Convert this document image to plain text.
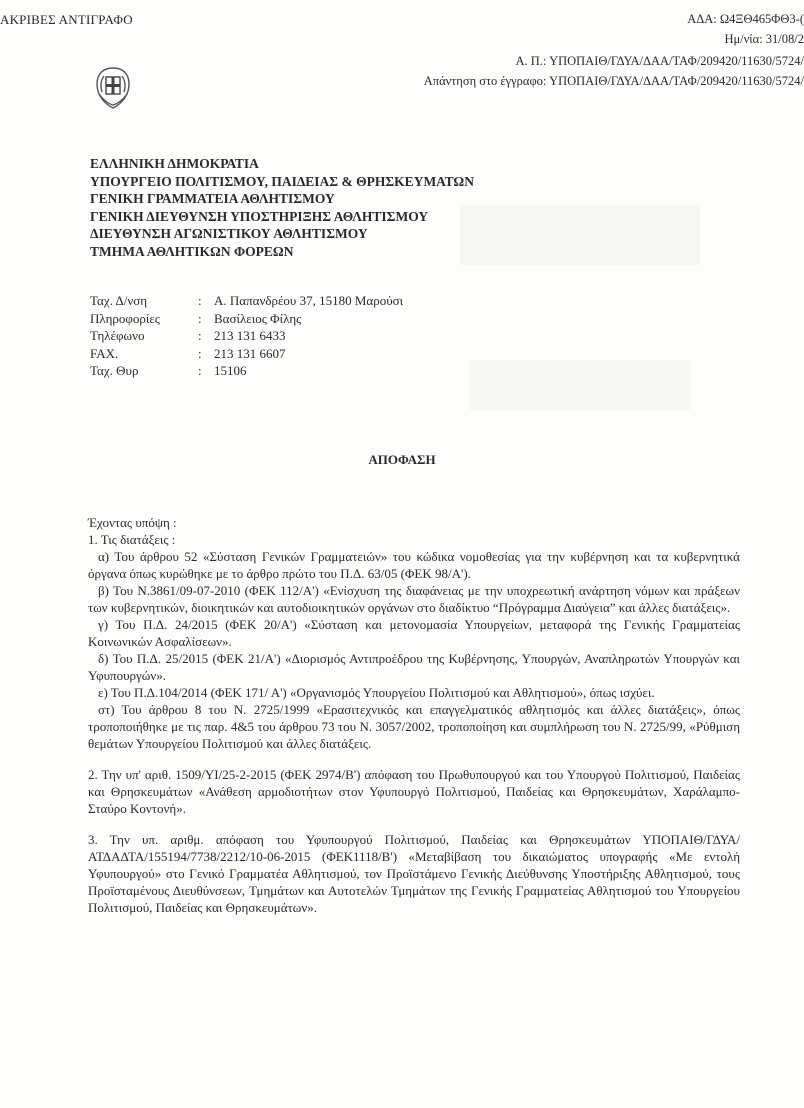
ΑΚΡΙΒΕΣ ΑΝΤΙΓΡΑΦΟ	ΑΔΑ: Ω4ΞΘ465ΦΘ3-(
Ημ/νία: 31/08/2
Α. Π.: ΥΠΟΠΑΙΘ/ΓΔΥΑ/ΔΑΑ/ΤΑΦ/209420/11630/5724/
Απάντηση στο έγγραφο: ΥΠΟΠΑΙΘ/ΓΔΥΑ/ΔΑΑ/ΤΑΦ/209420/11630/5724/
ΕΛΛΗΝΙΚΗ ΔΗΜΟΚΡΑΤΙΑ
ΥΠΟΥΡΓΕΙΟ ΠΟΛΙΤΙΣΜΟΥ, ΠΑΙΔΕΙΑΣ & ΘΡΗΣΚΕΥΜΑΤΩΝ
ΓΕΝΙΚΗ ΓΡΑΜΜΑΤΕΙΑ ΑΘΛΗΤΙΣΜΟΥ
ΓΕΝΙΚΗ ΔΙΕΥΘΥΝΣΗ ΥΠΟΣΤΗΡΙΞΗΣ ΑΘΛΗΤΙΣΜΟΥ
ΔΙΕΥΘΥΝΣΗ ΑΓΩΝΙΣΤΙΚΟΥ ΑΘΛΗΤΙΣΜΟΥ
ΤΜΗΜΑ ΑΘΛΗΤΙΚΩΝ ΦΟΡΕΩΝ
Ταχ. Δ/νση	: Α. Παπανδρέου 37, 15180 Μαρούσι
Πληροφορίες	: Βασίλειος Φίλης
Τηλέφωνο	: 213 131 6433
FAX.	: 213 131 6607
Ταχ. Θυρ	: 15106
ΑΠΟΦΑΣΗ

Έχοντας υπόψη :

1. Τις διατάξεις :

α) Του άρθρου 52 «Σύσταση Γενικών Γραμματειών» του κώδικα νομοθεσίας για την κυβέρνηση και τα κυβερνητικά όργανα όπως κυρώθηκε με το άρθρο πρώτο του Π.Δ. 63/05 (ΦΕΚ 98/Α').

β) Του Ν.3861/09-07-2010 (ΦΕΚ 112/Α') «Ενίσχυση της διαφάνειας με την υποχρεωτική ανάρτηση νόμων και πράξεων των κυβερνητικών, διοικητικών και αυτοδιοικητικών οργάνων στο διαδίκτυο “Πρόγραμμα Διαύγεια” και άλλες διατάξεις».

γ) Του Π.Δ. 24/2015 (ΦΕΚ 20/Α') «Σύσταση και μετονομασία Υπουργείων, μεταφορά της Γενικής Γραμματείας Κοινωνικών Ασφαλίσεων».

δ) Του Π.Δ. 25/2015 (ΦΕΚ 21/Α') «Διορισμός Αντιπροέδρου της Κυβέρνησης, Υπουργών, Αναπληρωτών Υπουργών και Υφυπουργών».

ε) Του Π.Δ.104/2014 (ΦΕΚ 171/ Α') «Οργανισμός Υπουργείου Πολιτισμού και Αθλητισμού», όπως ισχύει.

στ) Του άρθρου 8 του Ν. 2725/1999 «Ερασιτεχνικός και επαγγελματικός αθλητισμός και άλλες διατάξεις», όπως τροποποιήθηκε με τις παρ. 4&5 του άρθρου 73 του Ν. 3057/2002, τροποποίηση και συμπλήρωση του Ν. 2725/99, «Ρύθμιση θεμάτων Υπουργείου Πολιτισμού και άλλες διατάξεις.

2. Την υπ' αριθ. 1509/ΥΙ/25-2-2015 (ΦΕΚ 2974/Β') απόφαση του Πρωθυπουργού και του Υπουργού Πολιτισμού, Παιδείας και Θρησκευμάτων «Ανάθεση αρμοδιοτήτων στον Υφυπουργό Πολιτισμού, Παιδείας και Θρησκευμάτων, Χαράλαμπο-Σταύρο Κοντονή».

3. Την υπ. αριθμ. απόφαση του Υφυπουργού Πολιτισμού, Παιδείας και Θρησκευμάτων ΥΠΟΠΑΙΘ/ΓΔΥΑ/ΑΤΔΑΔΤΑ/155194/7738/2212/10-06-2015 (ΦΕΚ1118/Β') «Μεταβίβαση του δικαιώματος υπογραφής «Με εντολή Υφυπουργού» στο Γενικό Γραμματέα Αθλητισμού, τον Προϊστάμενο Γενικής Διεύθυνσης Υποστήριξης Αθλητισμού, τους Προϊσταμένους Διευθύνσεων, Τμημάτων και Αυτοτελών Τμημάτων της Γενικής Γραμματείας Αθλητισμού του Υπουργείου Πολιτισμού, Παιδείας και Θρησκευμάτων».
